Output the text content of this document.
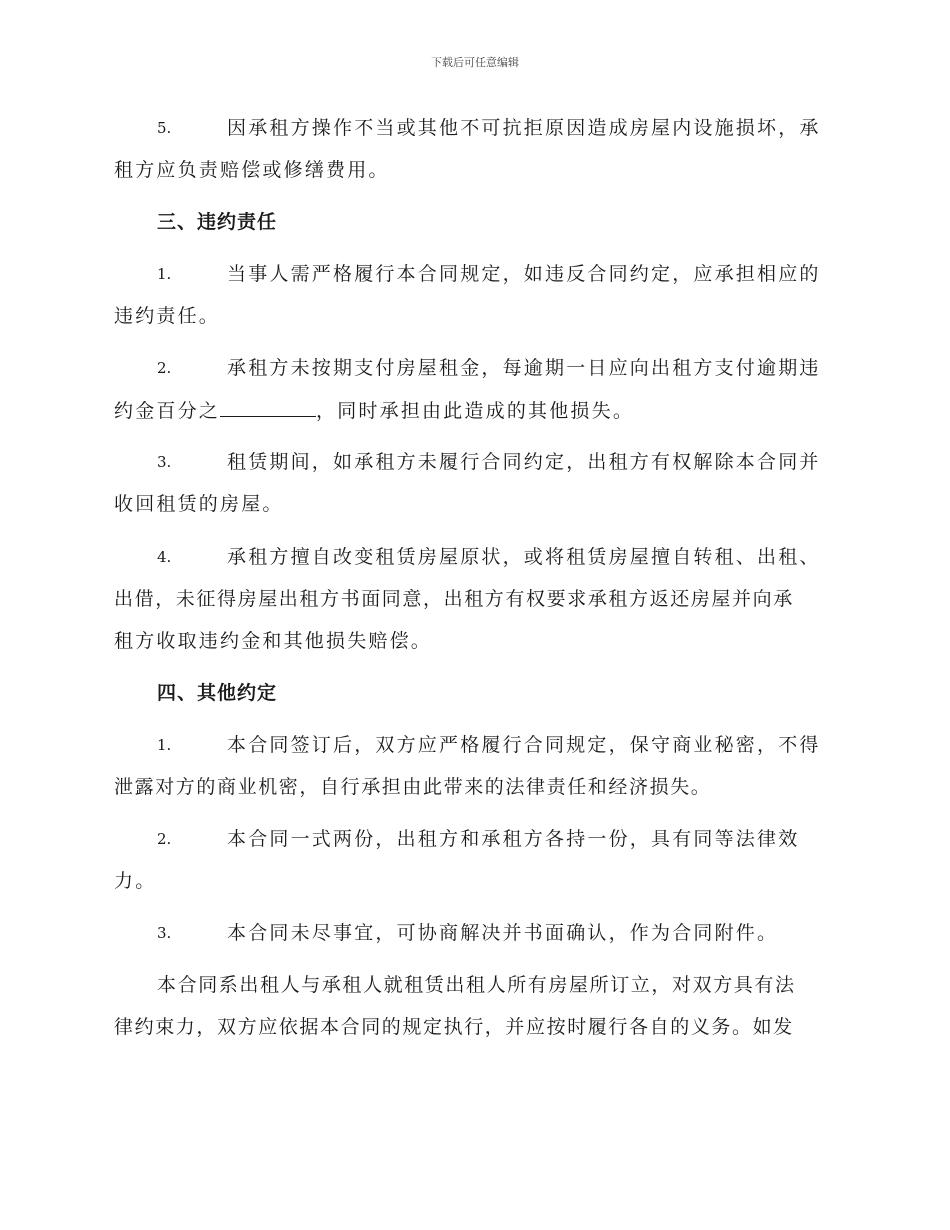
下载后可任意编辑
5.	因承租方操作不当或其他不可抗拒原因造成房屋内设施损坏，承
租方应负责赔偿或修缮费用。
三、违约责任
1.	当事人需严格履行本合同规定，如违反合同约定，应承担相应的
违约责任。
2.	承租方未按期支付房屋租金，每逾期一日应向出租方支付逾期违
约金百分之	，同时承担由此造成的其他损失。
3.	租赁期间，如承租方未履行合同约定，出租方有权解除本合同并
收回租赁的房屋。
4.	承租方擅自改变租赁房屋原状，或将租赁房屋擅自转租、出租、
出借，未征得房屋出租方书面同意，出租方有权要求承租方返还房屋并向承
租方收取违约金和其他损失赔偿。
四、其他约定
1.	本合同签订后，双方应严格履行合同规定，保守商业秘密，不得
泄露对方的商业机密，自行承担由此带来的法律责任和经济损失。
2.	本合同一式两份，出租方和承租方各持一份，具有同等法律效
力。
3.	本合同未尽事宜，可协商解决并书面确认，作为合同附件。
本合同系出租人与承租人就租赁出租人所有房屋所订立，对双方具有法
律约束力，双方应依据本合同的规定执行，并应按时履行各自的义务。如发
